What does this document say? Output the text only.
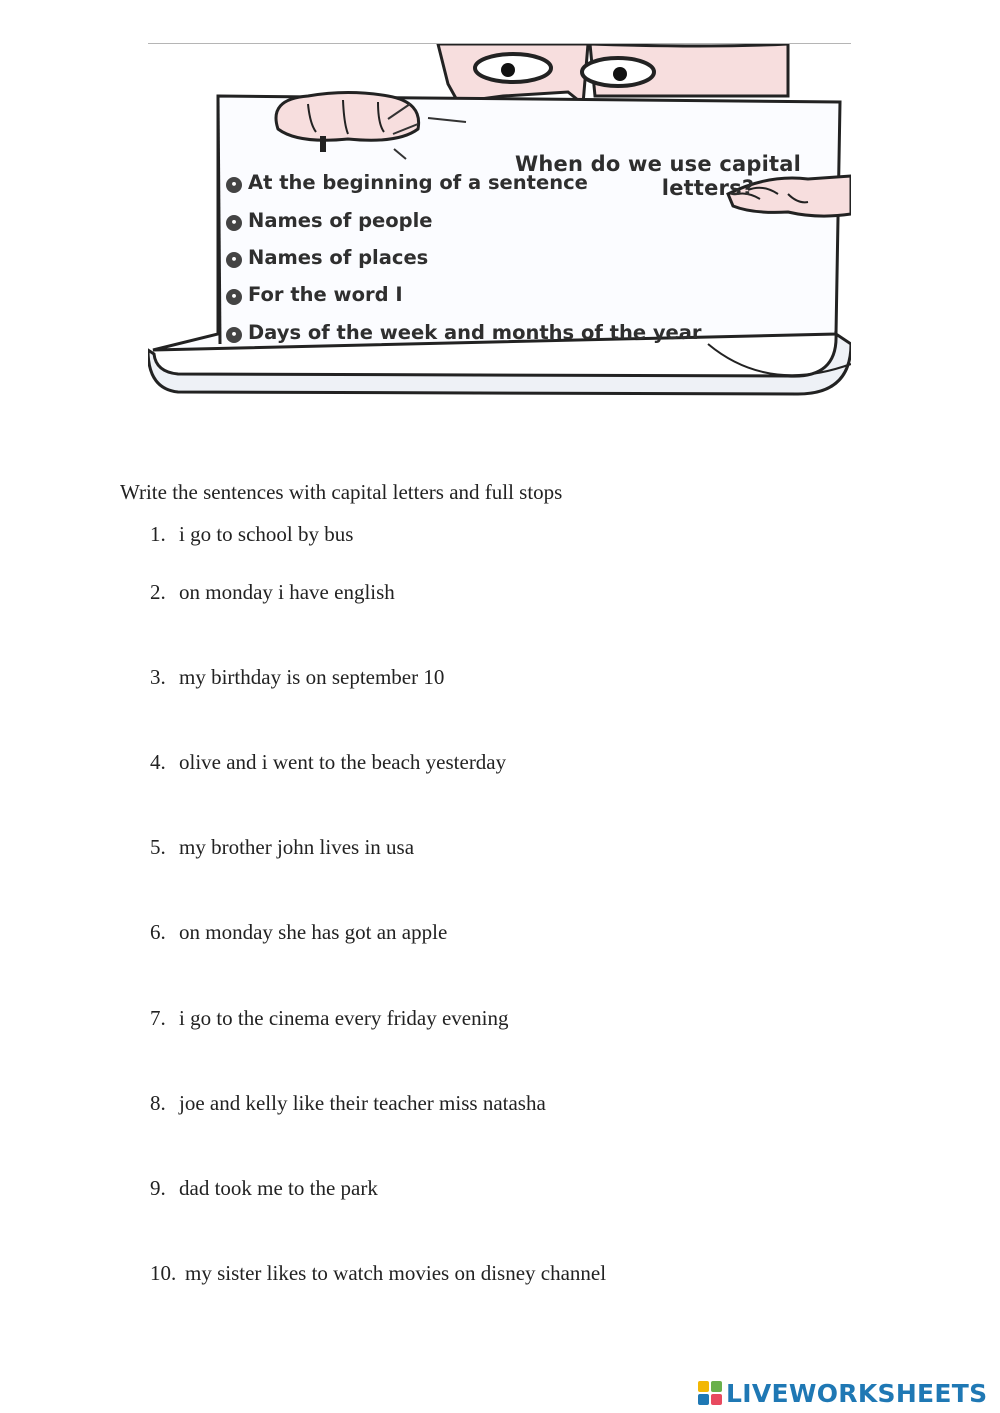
When do we use capital
letters?
• At the beginning of a sentence
• Names of people
• Names of places
• For the word I
• Days of the week and months of the year
Write the sentences with capital letters and full stops
1. i go to school by bus
2. on monday i have english
3. my birthday is on september 10
4. olive and i went to the beach yesterday
5. my brother john lives in usa
6. on monday she has got an apple
7. i go to the cinema every friday evening
8. joe and kelly like their teacher miss natasha
9. dad took me to the park
10. my sister likes to watch movies on disney channel
LIVEWORKSHEETS
